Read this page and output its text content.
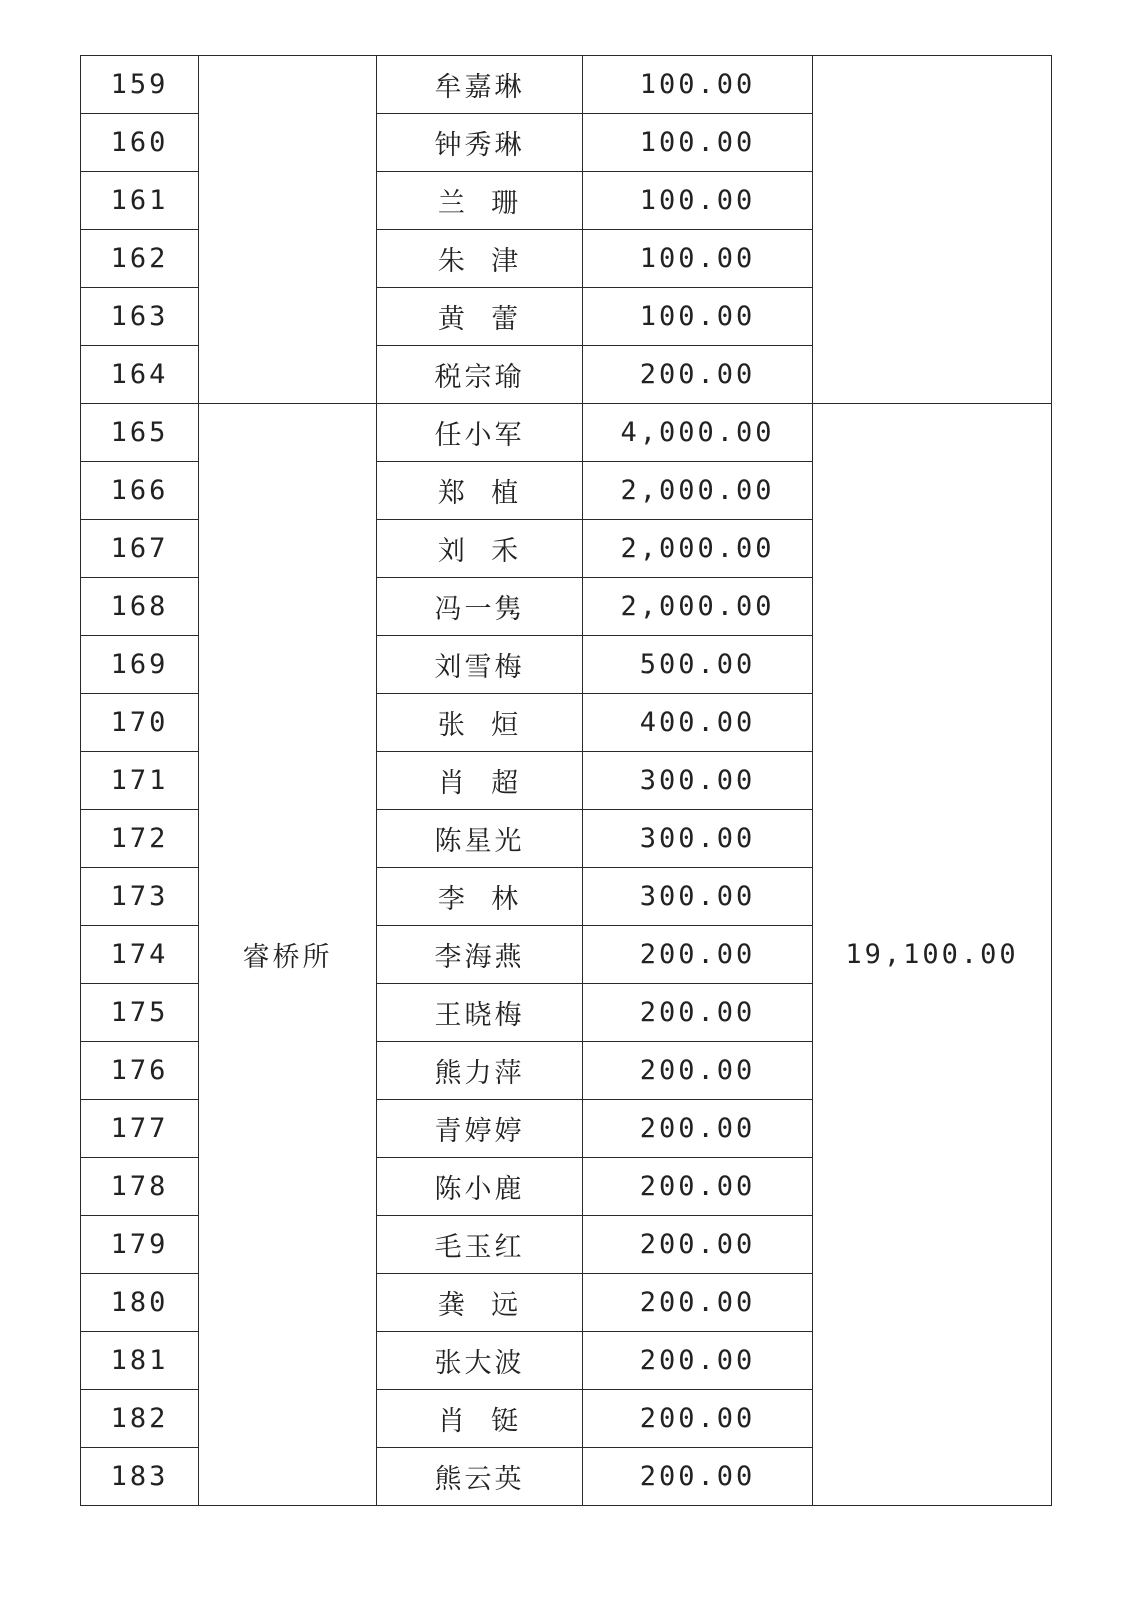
159		牟嘉琳	100.00	
160		钟秀琳	100.00	
161		兰  珊	100.00	
162		朱  津	100.00	
163		黄  蕾	100.00	
164		税宗瑜	200.00	
165	睿桥所	任小军	4,000.00	19,100.00
166		郑  植	2,000.00	
167		刘  禾	2,000.00	
168		冯一隽	2,000.00	
169		刘雪梅	500.00	
170		张  烜	400.00	
171		肖  超	300.00	
172		陈星光	300.00	
173		李  林	300.00	
174		李海燕	200.00	
175		王晓梅	200.00	
176		熊力萍	200.00	
177		青婷婷	200.00	
178		陈小鹿	200.00	
179		毛玉红	200.00	
180		龚  远	200.00	
181		张大波	200.00	
182		肖  铤	200.00	
183		熊云英	200.00	
